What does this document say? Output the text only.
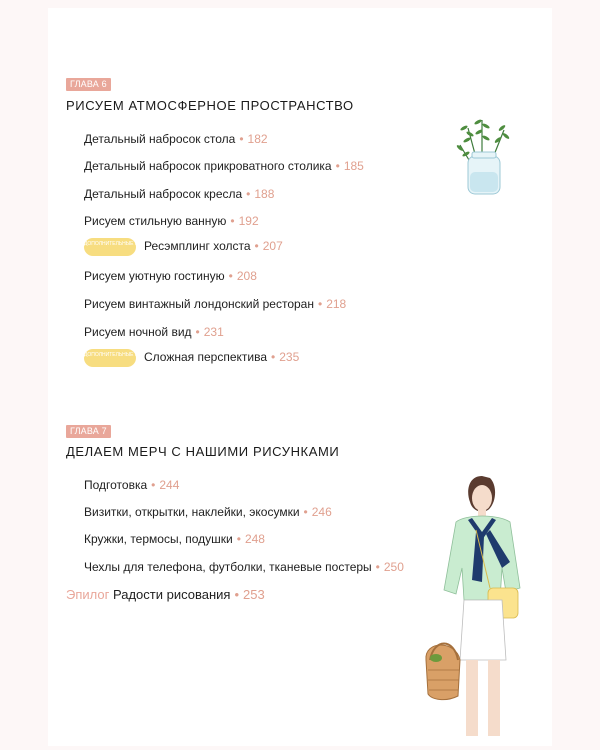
ГЛАВА 6
РИСУЕМ АТМОСФЕРНОЕ ПРОСТРАНСТВО
Детальный набросок стола • 182
Детальный набросок прикроватного столика • 185
Детальный набросок кресла • 188
Рисуем стильную ванную • 192
ДОПОЛНИТЕЛЬНЫЕ МАТЕРИАЛЫРесэмплинг холста • 207
Рисуем уютную гостиную • 208
Рисуем винтажный лондонский ресторан • 218
Рисуем ночной вид • 231
ДОПОЛНИТЕЛЬНЫЕ МАТЕРИАЛЫСложная перспектива • 235
ГЛАВА 7
ДЕЛАЕМ МЕРЧ С НАШИМИ РИСУНКАМИ
Подготовка • 244
Визитки, открытки, наклейки, экосумки • 246
Кружки, термосы, подушки • 248
Чехлы для телефона, футболки, тканевые постеры • 250
Эпилог Радости рисования • 253
